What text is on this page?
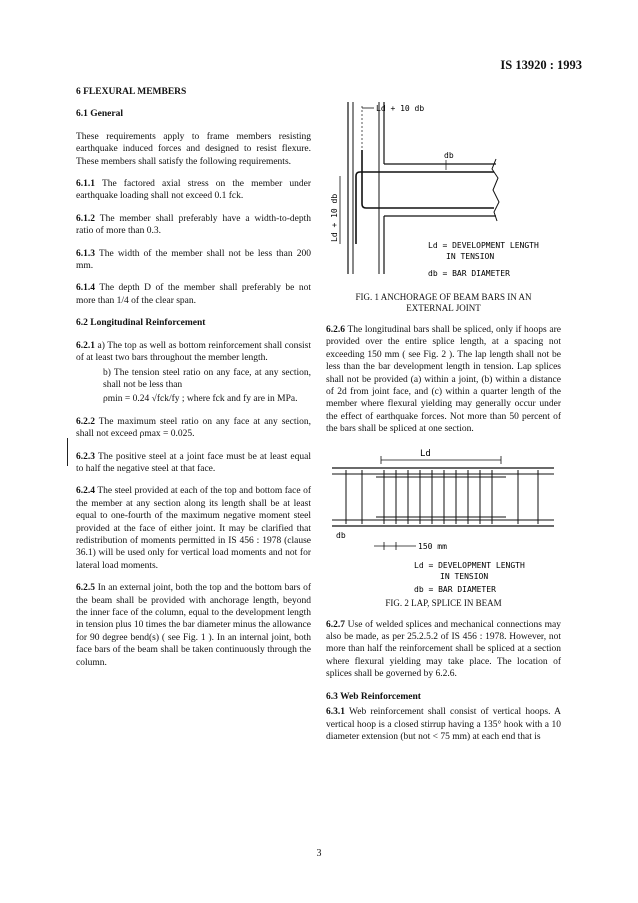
IS 13920 : 1993
6 FLEXURAL MEMBERS
6.1 General

These requirements apply to frame members resisting earthquake induced forces and designed to resist flexure. These members shall satisfy the following requirements.

6.1.1 The factored axial stress on the member under earthquake loading shall not exceed 0.1 fck.

6.1.2 The member shall preferably have a width-to-depth ratio of more than 0.3.

6.1.3 The width of the member shall not be less than 200 mm.

6.1.4 The depth D of the member shall preferably be not more than 1/4 of the clear span.

6.2 Longitudinal Reinforcement
6.2.1 a) The top as well as bottom reinforcement shall consist of at least two bars throughout the member length.
b) The tension steel ratio on any face, at any section, shall not be less than
ρmin = 0.24 √fck/fy ; where fck and fy are in MPa.

6.2.2 The maximum steel ratio on any face at any section, shall not exceed ρmax = 0.025.

6.2.3 The positive steel at a joint face must be at least equal to half the negative steel at that face.

6.2.4 The steel provided at each of the top and bottom face of the member at any section along its length shall be at least equal to one-fourth of the maximum negative moment steel provided at the face of either joint. It may be clarified that redistribution of moments permitted in IS 456 : 1978 (clause 36.1) will be used only for vertical load moments and not for lateral load moments.

6.2.5 In an external joint, both the top and the bottom bars of the beam shall be provided with anchorage length, beyond the inner face of the column, equal to the development length in tension plus 10 times the bar diameter minus the allowance for 90 degree bend(s) ( see Fig. 1 ). In an internal joint, both face bars of the beam shall be taken continuously through the column.

Ld + 10 db
db
Ld + 10 db
Ld = DEVELOPMENT LENGTH
IN TENSION
db = BAR DIAMETER
FIG. 1 ANCHORAGE OF BEAM BARS IN AN
EXTERNAL JOINT

6.2.6 The longitudinal bars shall be spliced, only if hoops are provided over the entire splice length, at a spacing not exceeding 150 mm ( see Fig. 2 ). The lap length shall not be less than the bar development length in tension. Lap splices shall not be provided (a) within a joint, (b) within a distance of 2d from joint face, and (c) within a quarter length of the member where flexural yielding may generally occur under the effect of earthquake forces. Not more than 50 percent of the bars shall be spliced at one section.

Ld
db
150 mm
Ld = DEVELOPMENT LENGTH
IN TENSION
db = BAR DIAMETER
FIG. 2 LAP, SPLICE IN BEAM

6.2.7 Use of welded splices and mechanical connections may also be made, as per 25.2.5.2 of IS 456 : 1978. However, not more than half the reinforcement shall be spliced at a section where flexural yielding may take place. The location of splices shall be governed by 6.2.6.

6.3 Web Reinforcement

6.3.1 Web reinforcement shall consist of vertical hoops. A vertical hoop is a closed stirrup having a 135° hook with a 10 diameter extension (but not < 75 mm) at each end that is

3
